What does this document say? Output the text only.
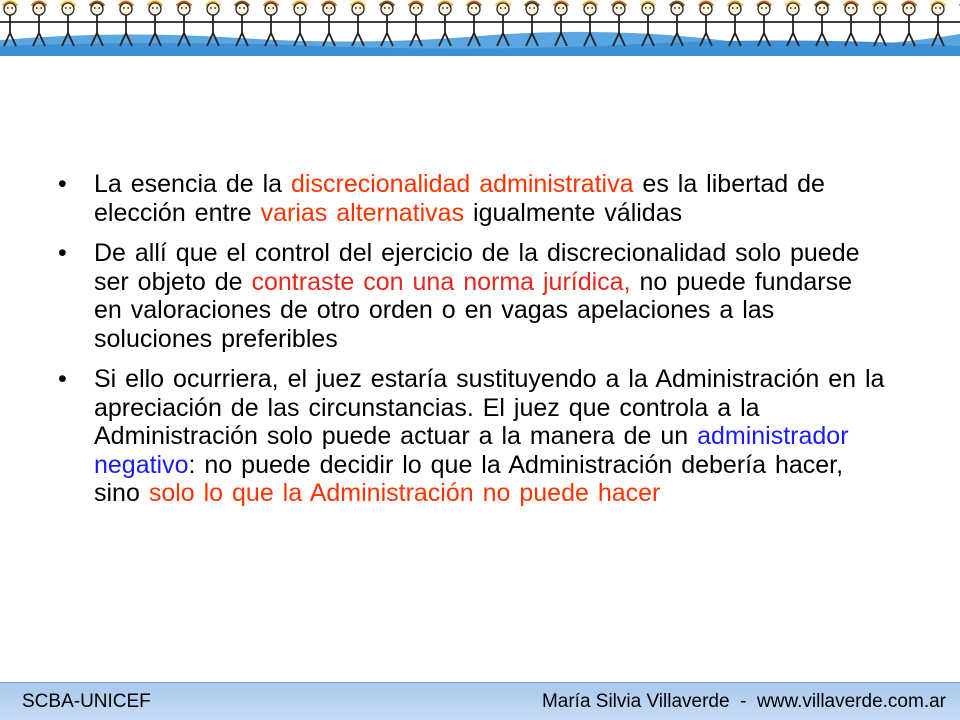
• La esencia de la discrecionalidad administrativa es la libertad de elección entre varias alternativas igualmente válidas
• De allí que el control del ejercicio de la discrecionalidad solo puede ser objeto de contraste con una norma jurídica, no puede fundarse en valoraciones de otro orden o en vagas apelaciones a las soluciones preferibles
• Si ello ocurriera, el juez estaría sustituyendo a la Administración en la apreciación de las circunstancias. El juez que controla a la Administración solo puede actuar a la manera de un administrador negativo: no puede decidir lo que la Administración debería hacer, sino solo lo que la Administración no puede hacer
SCBA-UNICEF	María Silvia Villaverde  -  www.villaverde.com.ar
